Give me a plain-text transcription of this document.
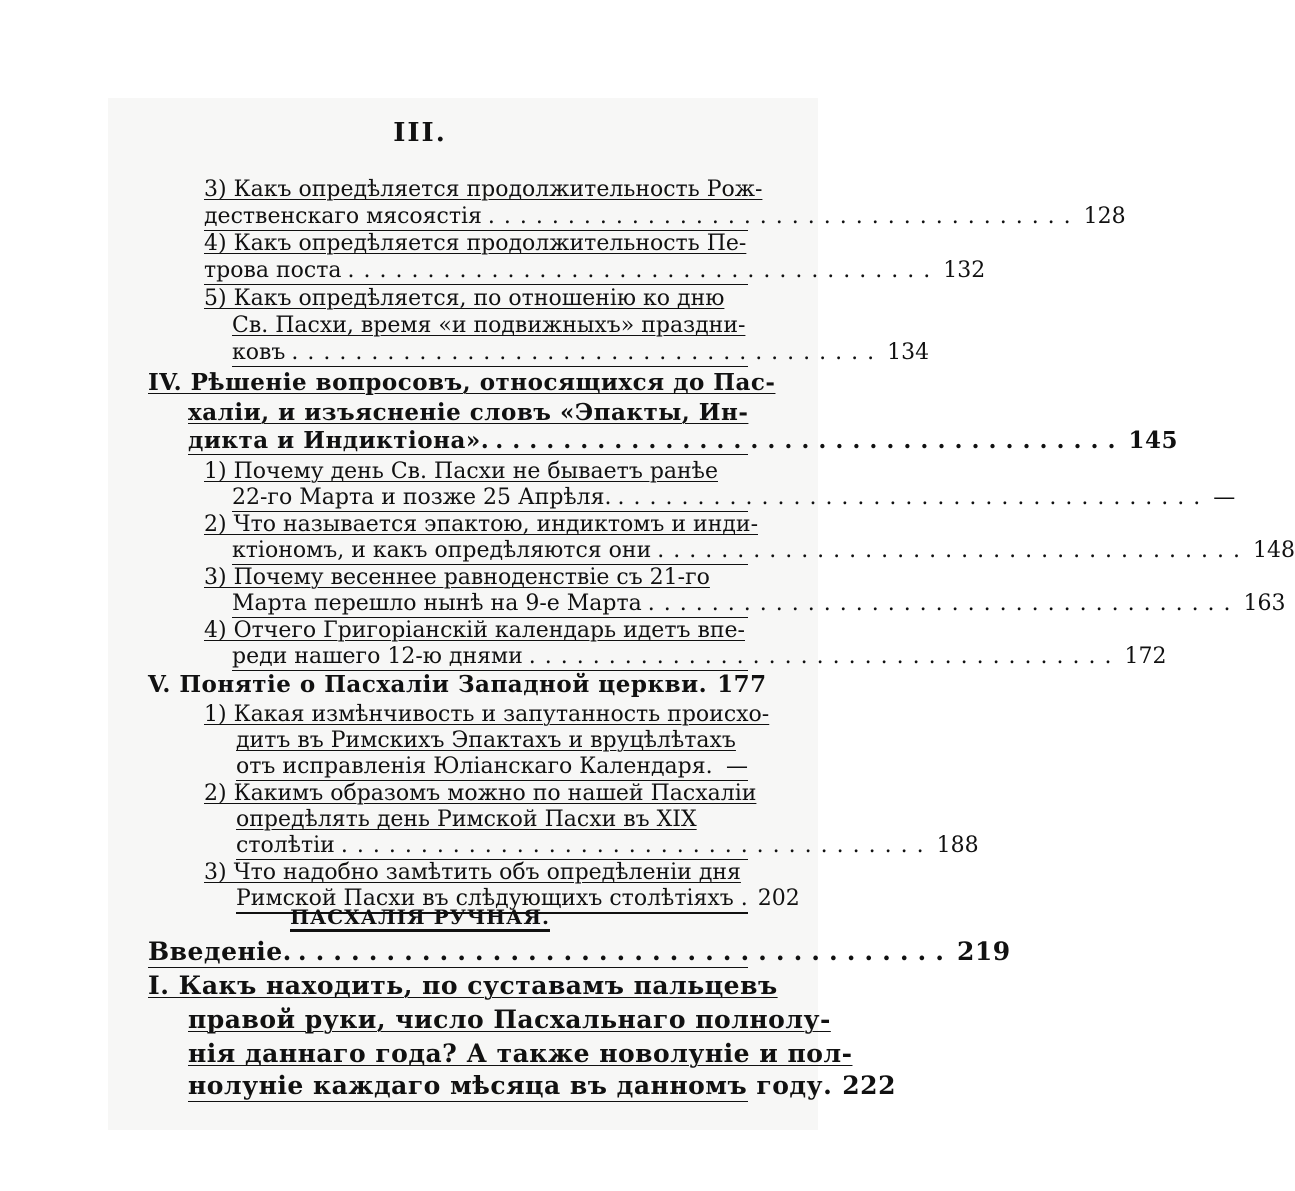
III.
3) Какъ опредѣляется продолжительность Рож-
дественскаго мясоястія ..................................... 128
4) Какъ опредѣляется продолжительность Пе-
трова поста ..................................... 132
5) Какъ опредѣляется, по отношенію ко дню
Св. Пасхи, время «и подвижныхъ» праздни-
ковъ ..................................... 134
IV. Рѣшеніе вопросовъ, относящихся до Пас-
халіи, и изъясненіе словъ «Эпакты, Ин-
дикта и Индиктіона». ..................................... 145
1) Почему день Св. Пасхи не бываетъ ранѣе
22-го Марта и позже 25 Апрѣля. ..................................... —
2) Что называется эпактою, индиктомъ и инди-
ктіономъ, и какъ опредѣляются они ..................................... 148
3) Почему весеннее равноденствіе съ 21-го
Марта перешло нынѣ на 9-е Марта ..................................... 163
4) Отчего Григоріанскій календарь идетъ впе-
реди нашего 12-ю днями ..................................... 172
V. Понятіе о Пасхаліи Западной церкви. 177
1) Какая измѣнчивость и запутанность происхо-
дитъ въ Римскихъ Эпактахъ и вруцѣлѣтахъ
отъ исправленія Юліанскаго Календаря. —
2) Какимъ образомъ можно по нашей Пасхаліи
опредѣлять день Римской Пасхи въ XIX
столѣтіи ..................................... 188
3) Что надобно замѣтить объ опредѣленіи дня
Римской Пасхи въ слѣдующихъ столѣтіяхъ . 202
ПАСХАЛІЯ РУЧНАЯ.
Введеніе. ..................................... 219
I. Какъ находить, по суставамъ пальцевъ
правой руки, число Пасхальнаго полнолу-
нія даннаго года? А также новолуніе и пол-
нолуніе каждаго мѣсяца въ данномъ году. 222
